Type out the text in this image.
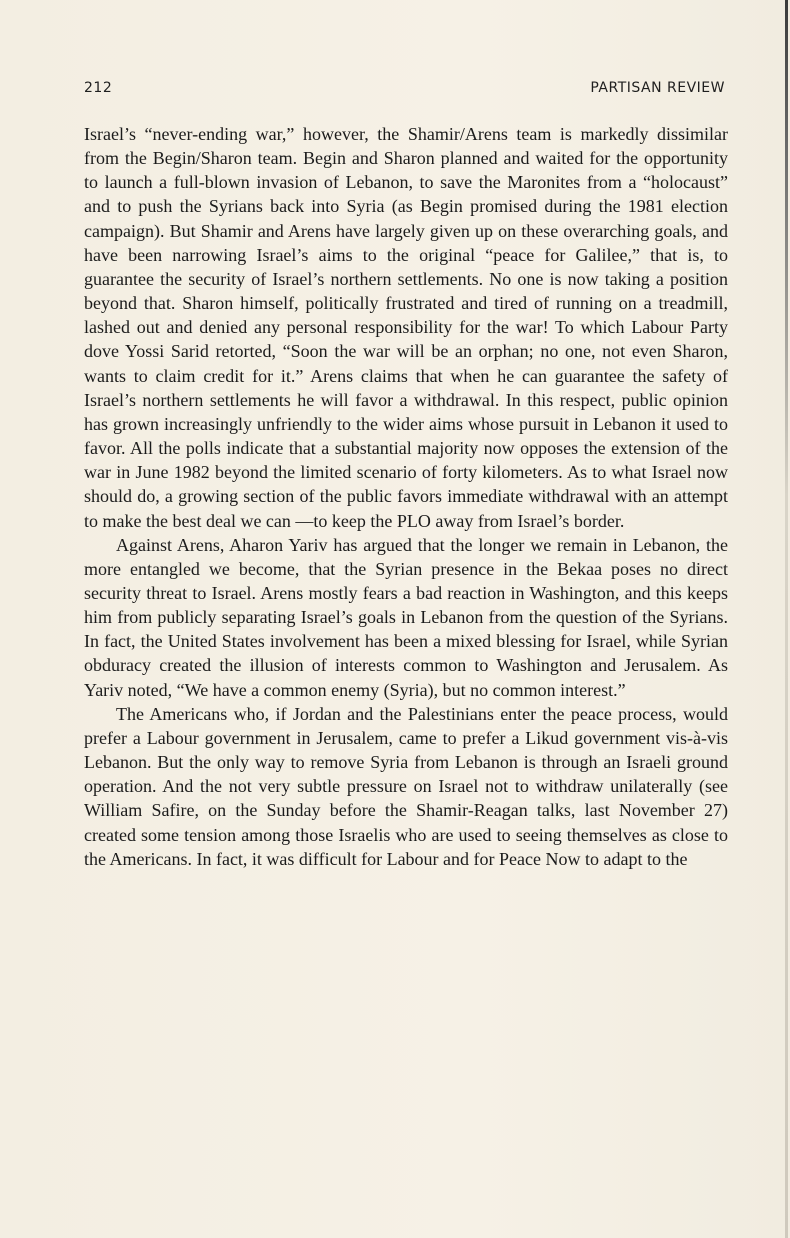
212	PARTISAN REVIEW

Israel’s “never-ending war,” however, the Shamir/Arens team is markedly dissimilar from the Begin/Sharon team. Begin and Sharon planned and waited for the opportunity to launch a full-blown invasion of Lebanon, to save the Maronites from a “holocaust” and to push the Syrians back into Syria (as Begin promised during the 1981 election campaign). But Shamir and Arens have largely given up on these overarching goals, and have been narrowing Israel’s aims to the original “peace for Galilee,” that is, to guarantee the security of Israel’s northern settlements. No one is now taking a position beyond that. Sharon himself, politically frustrated and tired of running on a treadmill, lashed out and denied any personal responsibility for the war! To which Labour Party dove Yossi Sarid retorted, “Soon the war will be an orphan; no one, not even Sharon, wants to claim credit for it.” Arens claims that when he can guarantee the safety of Israel’s northern settlements he will favor a withdrawal. In this respect, public opinion has grown increasingly unfriendly to the wider aims whose pursuit in Lebanon it used to favor. All the polls indicate that a substantial majority now opposes the extension of the war in June 1982 beyond the limited scenario of forty kilometers. As to what Israel now should do, a growing section of the public favors immediate withdrawal with an attempt to make the best deal we can —to keep the PLO away from Israel’s border.

Against Arens, Aharon Yariv has argued that the longer we remain in Lebanon, the more entangled we become, that the Syrian presence in the Bekaa poses no direct security threat to Israel. Arens mostly fears a bad reaction in Washington, and this keeps him from publicly separating Israel’s goals in Lebanon from the question of the Syrians. In fact, the United States involvement has been a mixed blessing for Israel, while Syrian obduracy created the illusion of interests common to Washington and Jerusalem. As Yariv noted, “We have a common enemy (Syria), but no common interest.”

The Americans who, if Jordan and the Palestinians enter the peace process, would prefer a Labour government in Jerusalem, came to prefer a Likud government vis-à-vis Lebanon. But the only way to remove Syria from Lebanon is through an Israeli ground operation. And the not very subtle pressure on Israel not to withdraw unilaterally (see William Safire, on the Sunday before the Shamir-Reagan talks, last November 27) created some tension among those Israelis who are used to seeing themselves as close to the Americans. In fact, it was difficult for Labour and for Peace Now to adapt to the
